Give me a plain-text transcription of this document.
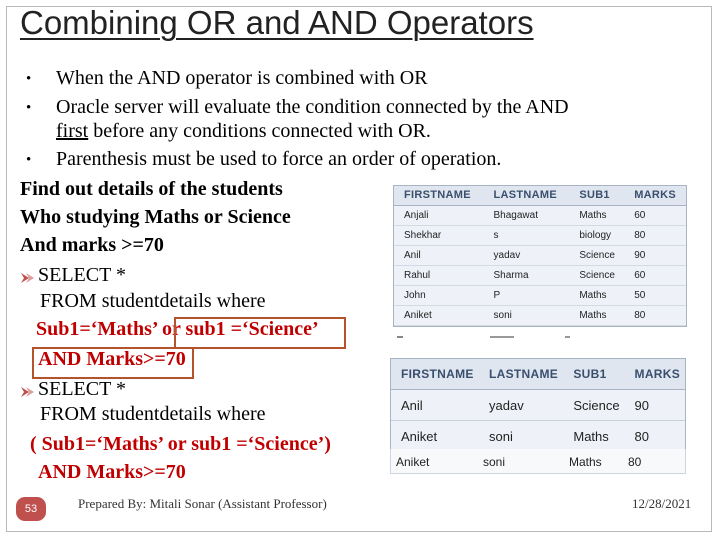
Combining OR and AND Operators
• When the AND operator is combined with OR
• Oracle server will evaluate the condition connected by the AND
first before any conditions connected with OR.
• Parenthesis must be used to force an order of operation.
Find out details of the students
Who studying Maths or Science
And marks >=70
SELECT *
FROM studentdetails where
Sub1=‘Maths’ or sub1 =‘Science’
AND Marks>=70
SELECT *
FROM studentdetails where
( Sub1=‘Maths’ or sub1 =‘Science’)
AND Marks>=70
FIRSTNAME	LASTNAME	SUB1	MARKS
Anjali	Bhagawat	Maths	60
Shekhar	s	biology	80
Anil	yadav	Science	90
Rahul	Sharma	Science	60
John	P	Maths	50
Aniket	soni	Maths	80
FIRSTNAME	LASTNAME	SUB1	MARKS
Anil	yadav	Science	90
Aniket	soni	Maths	80
Aniket	soni	Maths 80
53	Prepared By: Mitali Sonar (Assistant Professor)	12/28/2021
